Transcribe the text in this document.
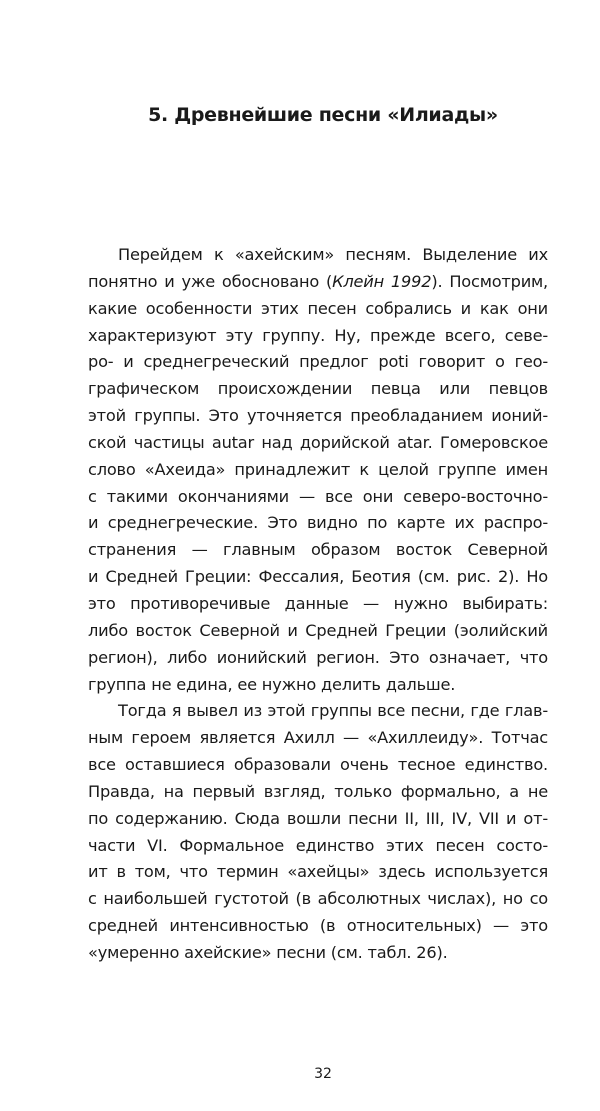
5. Древнейшие песни «Илиады»
Перейдем к «ахейским» песням. Выделение их
понятно и уже обосновано (Клейн 1992). Посмотрим,
какие особенности этих песен собрались и как они
характеризуют эту группу. Ну, прежде всего, севе-
ро- и среднегреческий предлог poti говорит о гео-
графическом происхождении певца или певцов
этой группы. Это уточняется преобладанием ионий-
ской частицы autar над дорийской atar. Гомеровское
слово «Ахеида» принадлежит к целой группе имен
с такими окончаниями — все они северо-восточно-
и среднегреческие. Это видно по карте их распро-
странения — главным образом восток Северной
и Средней Греции: Фессалия, Беотия (см. рис. 2). Но
это противоречивые данные — нужно выбирать:
либо восток Северной и Средней Греции (эолийский
регион), либо ионийский регион. Это означает, что
группа не едина, ее нужно делить дальше.
Тогда я вывел из этой группы все песни, где глав-
ным героем является Ахилл — «Ахиллеиду». Тотчас
все оставшиеся образовали очень тесное единство.
Правда, на первый взгляд, только формально, а не
по содержанию. Сюда вошли песни II, III, IV, VII и от-
части VI. Формальное единство этих песен состо-
ит в том, что термин «ахейцы» здесь используется
с наибольшей густотой (в абсолютных числах), но со
средней интенсивностью (в относительных) — это
«умеренно ахейские» песни (см. табл. 26).
32
